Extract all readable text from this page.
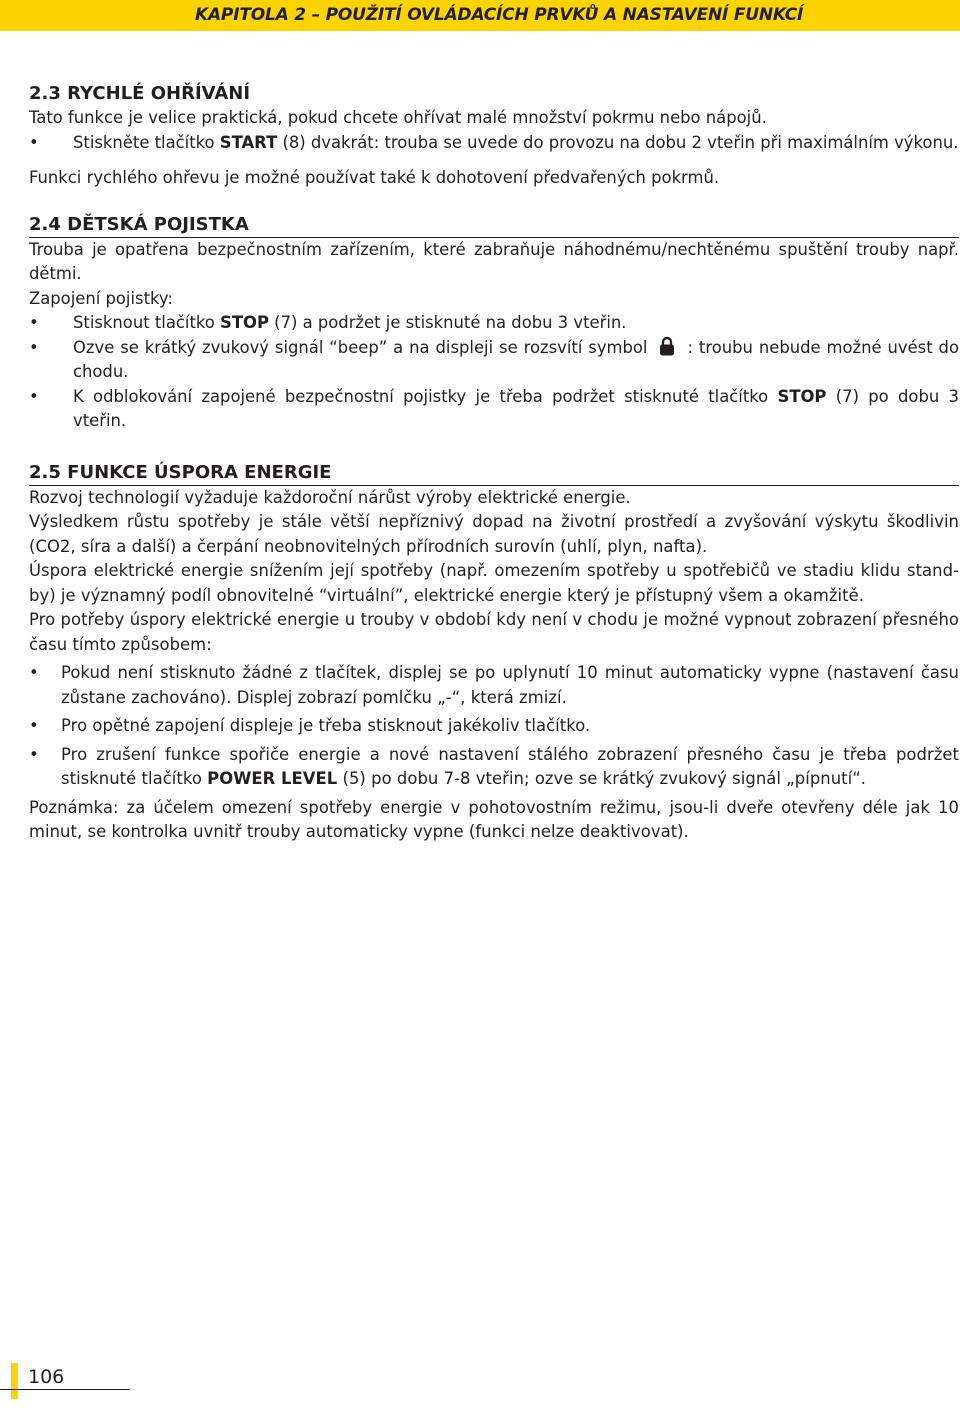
KAPITOLA 2 – POUŽITÍ OVLÁDACÍCH PRVKŮ A NASTAVENÍ FUNKCÍ
2.3 RYCHLÉ OHŘÍVÁNÍ

Tato funkce je velice praktická, pokud chcete ohřívat malé množství pokrmu nebo nápojů.

• Stiskněte tlačítko START (8) dvakrát: trouba se uvede do provozu na dobu 2 vteřin při maximálním výkonu.

Funkci rychlého ohřevu je možné používat také k dohotovení předvařených pokrmů.

2.4 DĚTSKÁ POJISTKA

Trouba je opatřena bezpečnostním zařízením, které zabraňuje náhodnému/nechtěnému spuštění trouby např. dětmi.

Zapojení pojistky:

• Stisknout tlačítko STOP (7) a podržet je stisknuté na dobu 3 vteřin.
• Ozve se krátký zvukový signál “beep” a na displeji se rozsvítí symbol : troubu nebude možné uvést do chodu.
• K odblokování zapojené bezpečnostní pojistky je třeba podržet stisknuté tlačítko STOP (7) po dobu 3 vteřin.
2.5 FUNKCE ÚSPORA ENERGIE

Rozvoj technologií vyžaduje každoroční nárůst výroby elektrické energie.

Výsledkem růstu spotřeby je stále větší nepříznivý dopad na životní prostředí a zvyšování výskytu škodlivin (CO2, síra a další) a čerpání neobnovitelných přírodních surovín (uhlí, plyn, nafta).

Úspora elektrické energie snížením její spotřeby (např. omezením spotřeby u spotřebičů ve stadiu klidu stand-by) je významný podíl obnovitelné “virtuální”, elektrické energie který je přístupný všem a okamžitě.

Pro potřeby úspory elektrické energie u trouby v období kdy není v chodu je možné vypnout zobrazení přesného času tímto způsobem:

• Pokud není stisknuto žádné z tlačítek, displej se po uplynutí 10 minut automaticky vypne (nastavení času zůstane zachováno). Displej zobrazí pomlčku „-“, která zmizí.
• Pro opětné zapojení displeje je třeba stisknout jakékoliv tlačítko.
• Pro zrušení funkce spořiče energie a nové nastavení stálého zobrazení přesného času je třeba podržet stisknuté tlačítko POWER LEVEL (5) po dobu 7-8 vteřin; ozve se krátký zvukový signál „pípnutí“.

Poznámka: za účelem omezení spotřeby energie v pohotovostním režimu, jsou-li dveře otevřeny déle jak 10 minut, se kontrolka uvnitř trouby automaticky vypne (funkci nelze deaktivovat).

106
